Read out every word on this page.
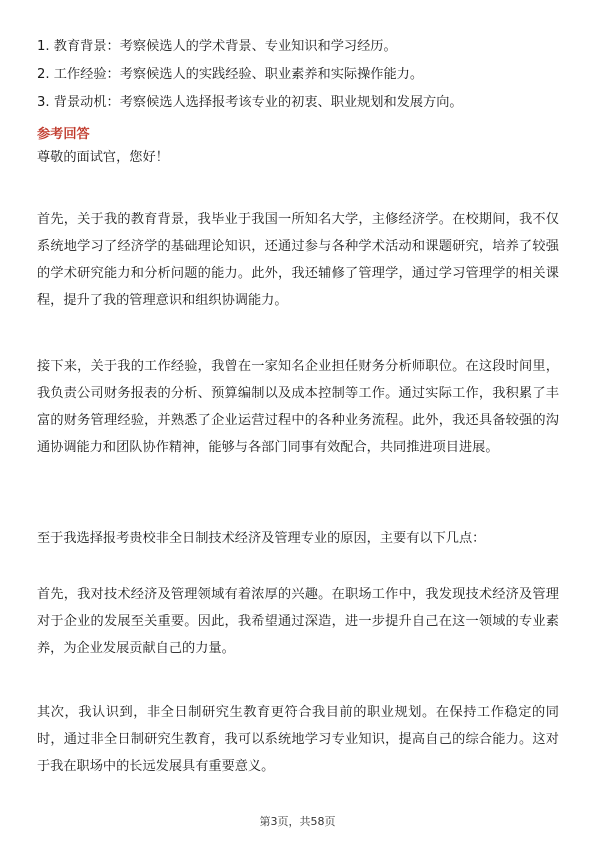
1. 教育背景：考察候选人的学术背景、专业知识和学习经历。
2. 工作经验：考察候选人的实践经验、职业素养和实际操作能力。
3. 背景动机：考察候选人选择报考该专业的初衷、职业规划和发展方向。
参考回答
尊敬的面试官，您好！

首先，关于我的教育背景，我毕业于我国一所知名大学，主修经济学。在校期间，我不仅系统地学习了经济学的基础理论知识，还通过参与各种学术活动和课题研究，培养了较强的学术研究能力和分析问题的能力。此外，我还辅修了管理学，通过学习管理学的相关课程，提升了我的管理意识和组织协调能力。

接下来，关于我的工作经验，我曾在一家知名企业担任财务分析师职位。在这段时间里，我负责公司财务报表的分析、预算编制以及成本控制等工作。通过实际工作，我积累了丰富的财务管理经验，并熟悉了企业运营过程中的各种业务流程。此外，我还具备较强的沟通协调能力和团队协作精神，能够与各部门同事有效配合，共同推进项目进展。

至于我选择报考贵校非全日制技术经济及管理专业的原因，主要有以下几点：

首先，我对技术经济及管理领域有着浓厚的兴趣。在职场工作中，我发现技术经济及管理对于企业的发展至关重要。因此，我希望通过深造，进一步提升自己在这一领域的专业素养，为企业发展贡献自己的力量。

其次，我认识到，非全日制研究生教育更符合我目前的职业规划。在保持工作稳定的同时，通过非全日制研究生教育，我可以系统地学习专业知识，提高自己的综合能力。这对于我在职场中的长远发展具有重要意义。

第3页，共58页
